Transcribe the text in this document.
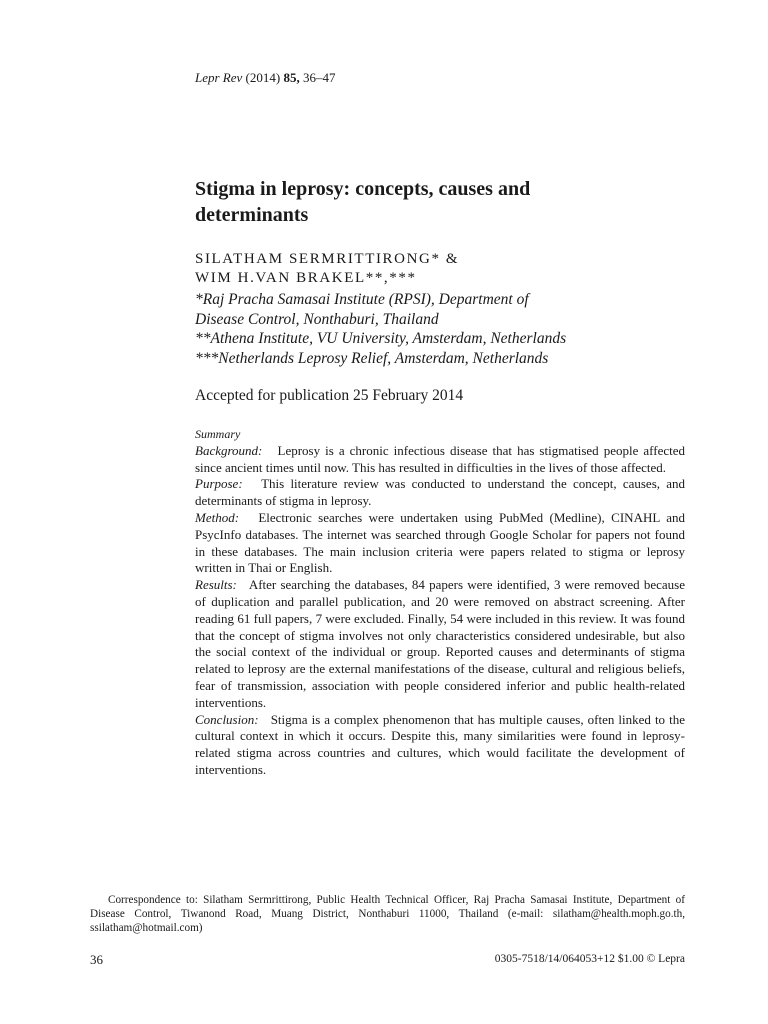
Lepr Rev (2014) 85, 36–47
Stigma in leprosy: concepts, causes and determinants
SILATHAM SERMRITTIRONG* &
WIM H.VAN BRAKEL**,***
*Raj Pracha Samasai Institute (RPSI), Department of
Disease Control, Nonthaburi, Thailand
**Athena Institute, VU University, Amsterdam, Netherlands
***Netherlands Leprosy Relief, Amsterdam, Netherlands
Accepted for publication 25 February 2014

Summary

Background: Leprosy is a chronic infectious disease that has stigmatised people affected since ancient times until now. This has resulted in difficulties in the lives of those affected.

Purpose: This literature review was conducted to understand the concept, causes, and determinants of stigma in leprosy.

Method: Electronic searches were undertaken using PubMed (Medline), CINAHL and PsycInfo databases. The internet was searched through Google Scholar for papers not found in these databases. The main inclusion criteria were papers related to stigma or leprosy written in Thai or English.

Results: After searching the databases, 84 papers were identified, 3 were removed because of duplication and parallel publication, and 20 were removed on abstract screening. After reading 61 full papers, 7 were excluded. Finally, 54 were included in this review. It was found that the concept of stigma involves not only characteristics considered undesirable, but also the social context of the individual or group. Reported causes and determinants of stigma related to leprosy are the external manifestations of the disease, cultural and religious beliefs, fear of transmission, association with people considered inferior and public health-related interventions.

Conclusion: Stigma is a complex phenomenon that has multiple causes, often linked to the cultural context in which it occurs. Despite this, many similarities were found in leprosy-related stigma across countries and cultures, which would facilitate the development of interventions.

Correspondence to: Silatham Sermrittirong, Public Health Technical Officer, Raj Pracha Samasai Institute, Department of Disease Control, Tiwanond Road, Muang District, Nonthaburi 11000, Thailand (e-mail: silatham@health.moph.go.th, ssilatham@hotmail.com)
36	0305-7518/14/064053+12 $1.00 © Lepra
